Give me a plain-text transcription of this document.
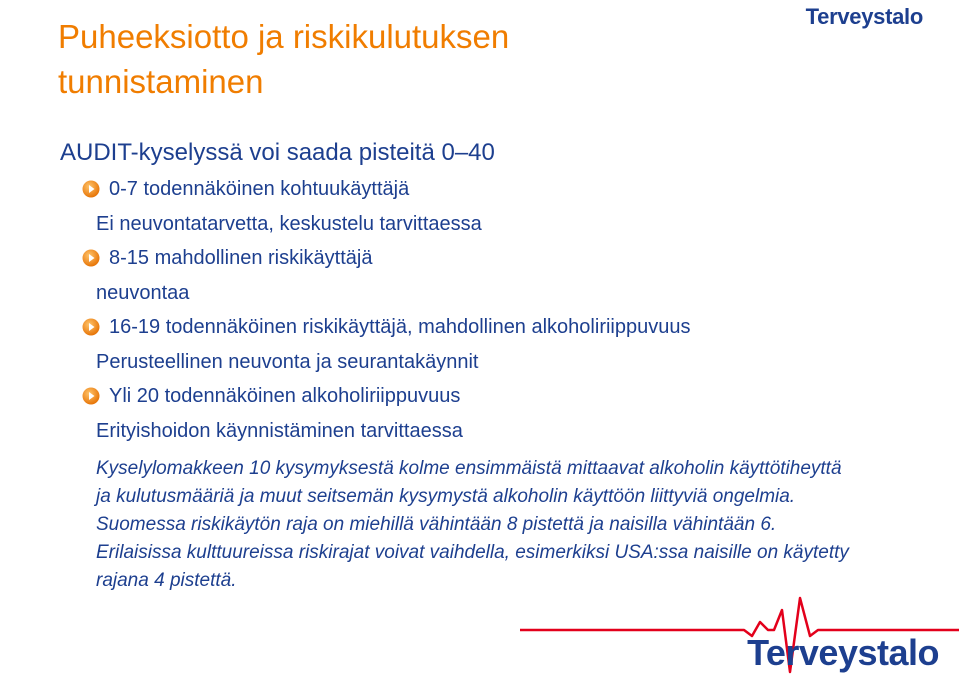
Terveystalo
Puheeksiotto ja riskikulutuksen
tunnistaminen
AUDIT-kyselyssä voi saada pisteitä 0–40
0-7 todennäköinen kohtuukäyttäjä
Ei neuvontatarvetta, keskustelu tarvittaessa
8-15 mahdollinen riskikäyttäjä
neuvontaa
16-19 todennäköinen riskikäyttäjä, mahdollinen alkoholiriippuvuus
Perusteellinen neuvonta ja seurantakäynnit
Yli 20 todennäköinen alkoholiriippuvuus
Erityishoidon käynnistäminen tarvittaessa
Kyselylomakkeen 10 kysymyksestä kolme ensimmäistä mittaavat alkoholin käyttötiheyttä ja kulutusmääriä ja muut seitsemän kysymystä alkoholin käyttöön liittyviä ongelmia. Suomessa riskikäytön raja on miehillä vähintään 8 pistettä ja naisilla vähintään 6. Erilaisissa kulttuureissa riskirajat voivat vaihdella, esimerkiksi USA:ssa naisille on käytetty rajana 4 pistettä.
Terveystalo
